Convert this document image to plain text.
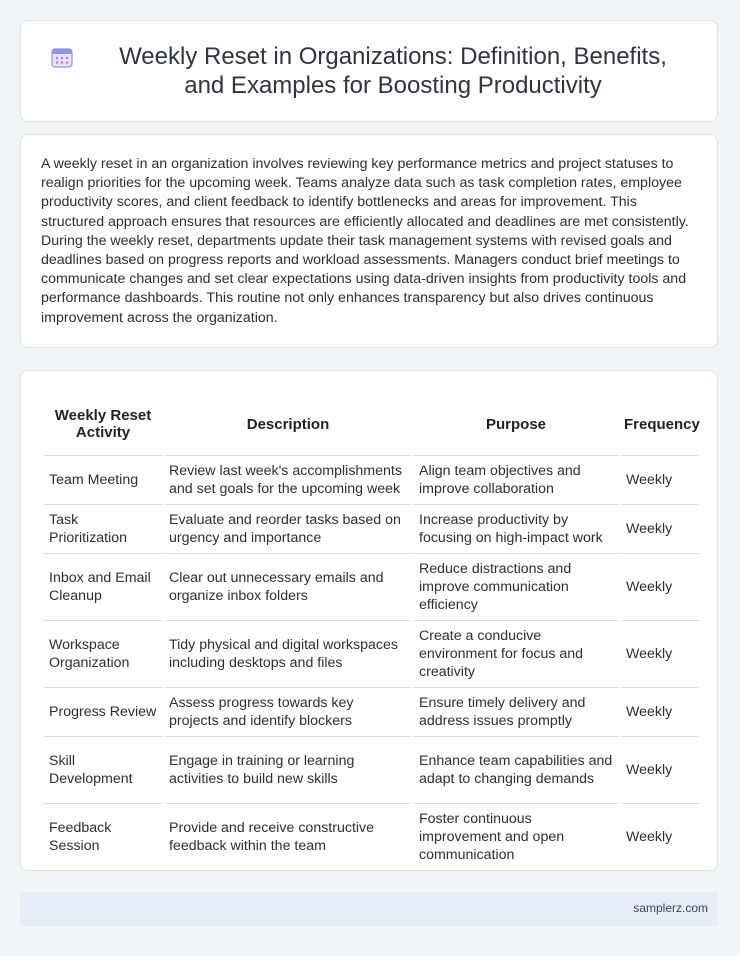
Weekly Reset in Organizations: Definition, Benefits, and Examples for Boosting Productivity

A weekly reset in an organization involves reviewing key performance metrics and project statuses to realign priorities for the upcoming week. Teams analyze data such as task completion rates, employee productivity scores, and client feedback to identify bottlenecks and areas for improvement. This structured approach ensures that resources are efficiently allocated and deadlines are met consistently. During the weekly reset, departments update their task management systems with revised goals and deadlines based on progress reports and workload assessments. Managers conduct brief meetings to communicate changes and set clear expectations using data-driven insights from productivity tools and performance dashboards. This routine not only enhances transparency but also drives continuous improvement across the organization.

Weekly Reset Activity	Description	Purpose	Frequency
Team Meeting	Review last week's accomplishments and set goals for the upcoming week	Align team objectives and improve collaboration	Weekly
Task Prioritization	Evaluate and reorder tasks based on urgency and importance	Increase productivity by focusing on high-impact work	Weekly
Inbox and Email Cleanup	Clear out unnecessary emails and organize inbox folders	Reduce distractions and improve communication efficiency	Weekly
Workspace Organization	Tidy physical and digital workspaces including desktops and files	Create a conducive environment for focus and creativity	Weekly
Progress Review	Assess progress towards key projects and identify blockers	Ensure timely delivery and address issues promptly	Weekly
Skill Development	Engage in training or learning activities to build new skills	Enhance team capabilities and adapt to changing demands	Weekly
Feedback Session	Provide and receive constructive feedback within the team	Foster continuous improvement and open communication	Weekly
samplerz.com
